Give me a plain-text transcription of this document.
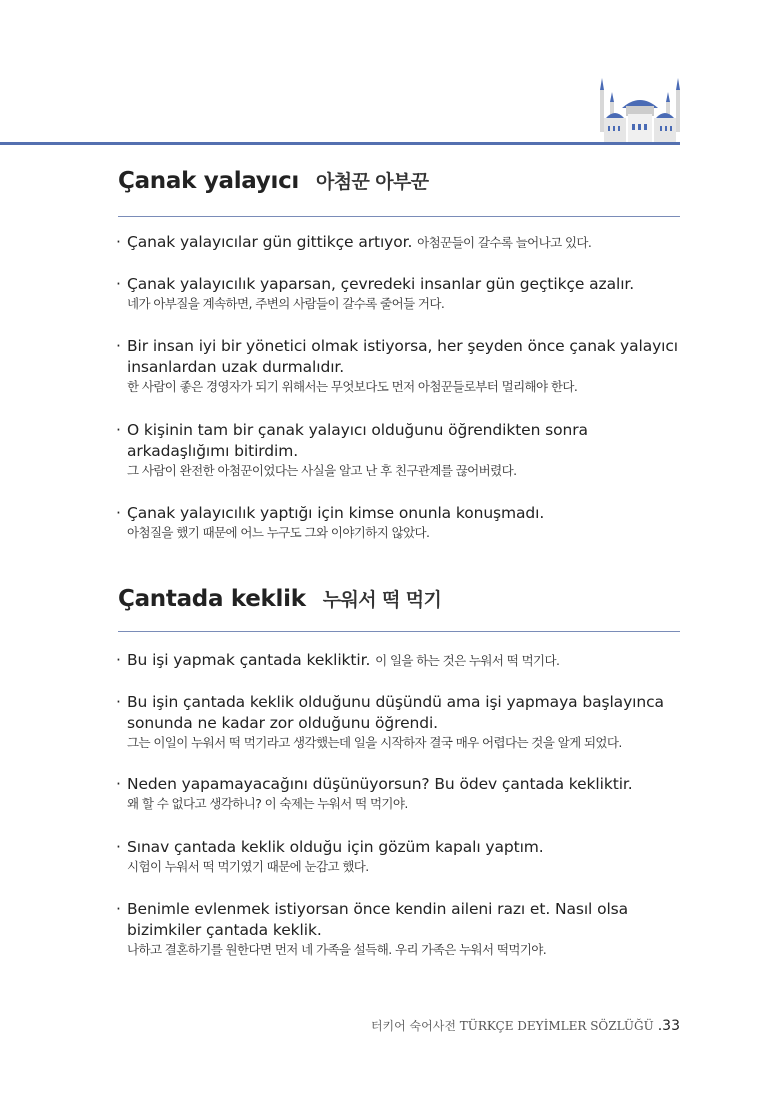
Çanak yalayıcı 아첨꾼 아부꾼
· Çanak yalayıcılar gün gittikçe artıyor. 아첨꾼들이 갈수록 늘어나고 있다.
· Çanak yalayıcılık yaparsan, çevredeki insanlar gün geçtikçe azalır.
네가 아부질을 계속하면, 주변의 사람들이 갈수록 줄어들 거다.
· Bir insan iyi bir yönetici olmak istiyorsa, her şeyden önce çanak yalayıcı insanlardan uzak durmalıdır.
한 사람이 좋은 경영자가 되기 위해서는 무엇보다도 먼저 아첨꾼들로부터 멀리해야 한다.
· O kişinin tam bir çanak yalayıcı olduğunu öğrendikten sonra arkadaşlığımı bitirdim.
그 사람이 완전한 아첨꾼이었다는 사실을 알고 난 후 친구관계를 끊어버렸다.
· Çanak yalayıcılık yaptığı için kimse onunla konuşmadı.
아첨질을 했기 때문에 어느 누구도 그와 이야기하지 않았다.
Çantada keklik 누워서 떡 먹기
· Bu işi yapmak çantada kekliktir. 이 일을 하는 것은 누워서 떡 먹기다.
· Bu işin çantada keklik olduğunu düşündü ama işi yapmaya başlayınca sonunda ne kadar zor olduğunu öğrendi.
그는 이일이 누워서 떡 먹기라고 생각했는데 일을 시작하자 결국 매우 어렵다는 것을 알게 되었다.
· Neden yapamayacağını düşünüyorsun? Bu ödev çantada kekliktir.
왜 할 수 없다고 생각하니? 이 숙제는 누워서 떡 먹기야.
· Sınav çantada keklik olduğu için gözüm kapalı yaptım.
시험이 누워서 떡 먹기였기 때문에 눈감고 했다.
· Benimle evlenmek istiyorsan önce kendin aileni razı et. Nasıl olsa bizimkiler çantada keklik.
나하고 결혼하기를 원한다면 먼저 네 가족을 설득해. 우리 가족은 누워서 떡먹기야.
터키어 숙어사전 TÜRKÇE DEYİMLER SÖZLÜĞÜ .33
